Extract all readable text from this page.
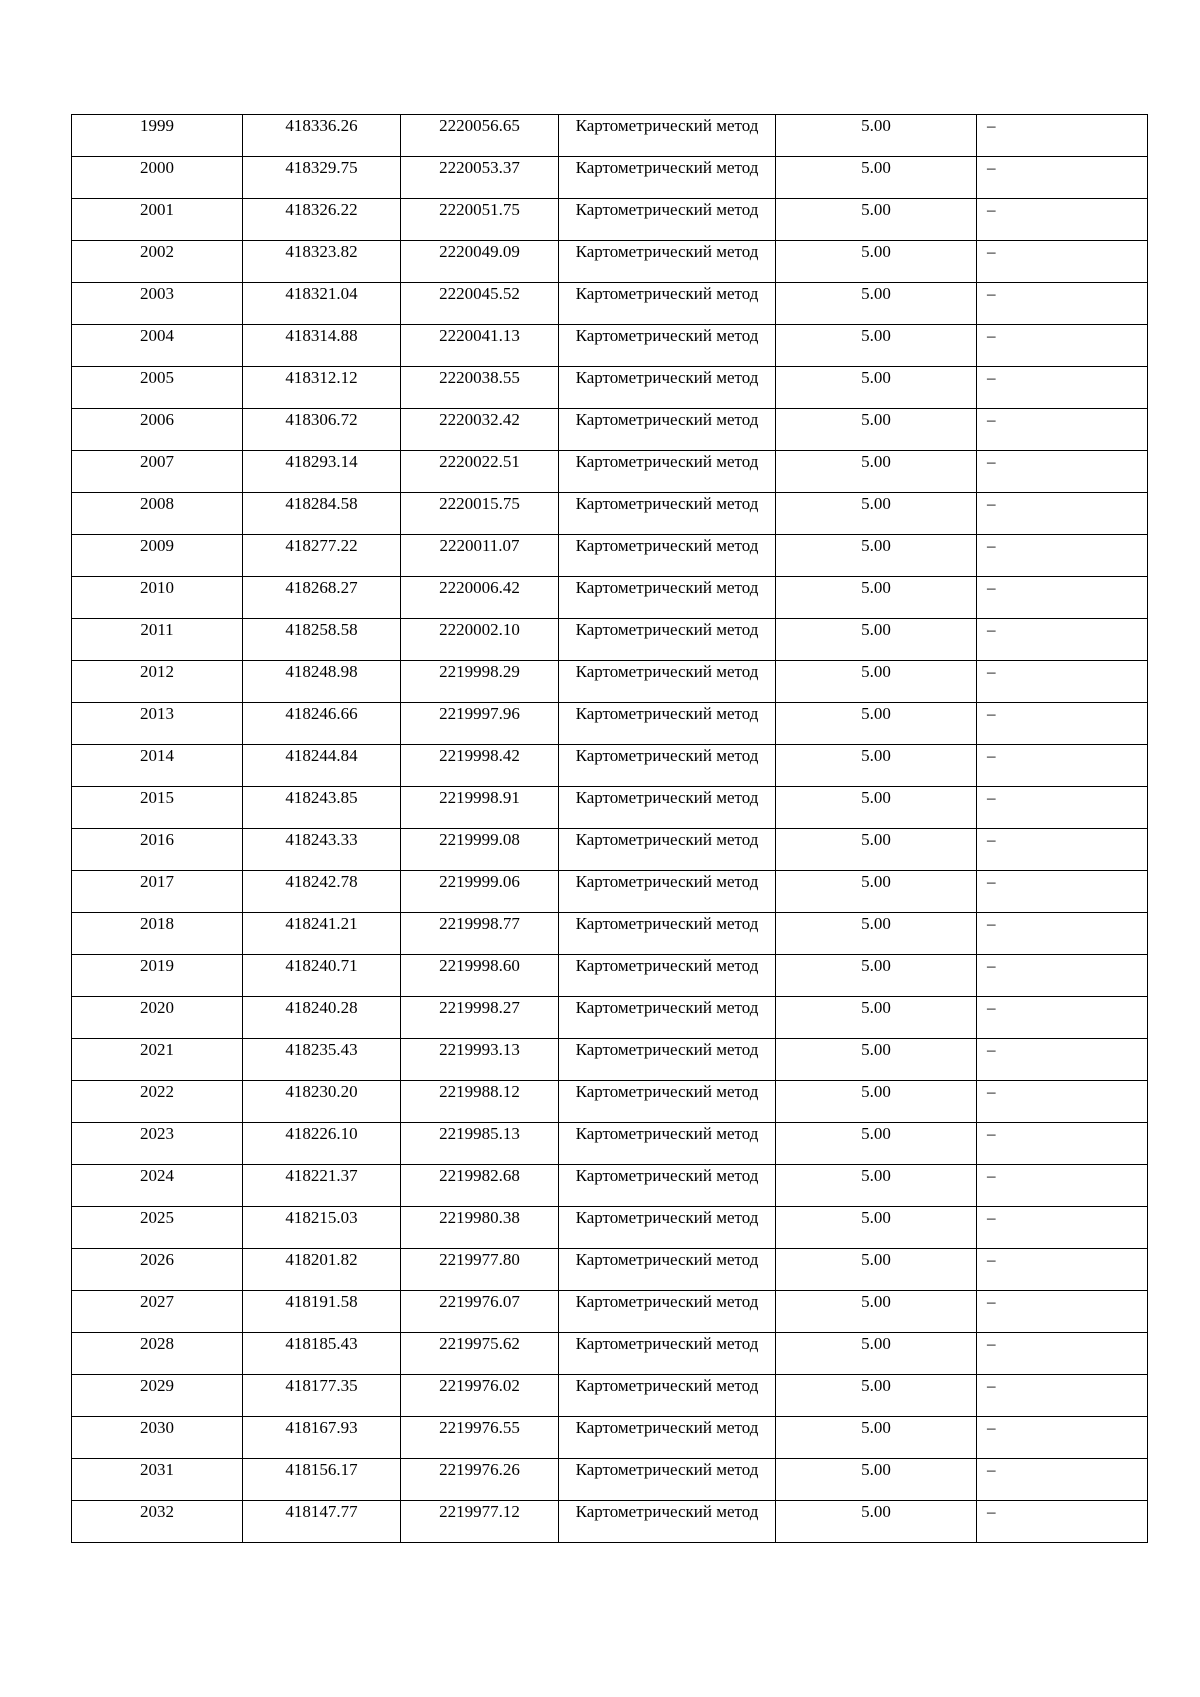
1999	418336.26	2220056.65	Картометрический метод	5.00	–
2000	418329.75	2220053.37	Картометрический метод	5.00	–
2001	418326.22	2220051.75	Картометрический метод	5.00	–
2002	418323.82	2220049.09	Картометрический метод	5.00	–
2003	418321.04	2220045.52	Картометрический метод	5.00	–
2004	418314.88	2220041.13	Картометрический метод	5.00	–
2005	418312.12	2220038.55	Картометрический метод	5.00	–
2006	418306.72	2220032.42	Картометрический метод	5.00	–
2007	418293.14	2220022.51	Картометрический метод	5.00	–
2008	418284.58	2220015.75	Картометрический метод	5.00	–
2009	418277.22	2220011.07	Картометрический метод	5.00	–
2010	418268.27	2220006.42	Картометрический метод	5.00	–
2011	418258.58	2220002.10	Картометрический метод	5.00	–
2012	418248.98	2219998.29	Картометрический метод	5.00	–
2013	418246.66	2219997.96	Картометрический метод	5.00	–
2014	418244.84	2219998.42	Картометрический метод	5.00	–
2015	418243.85	2219998.91	Картометрический метод	5.00	–
2016	418243.33	2219999.08	Картометрический метод	5.00	–
2017	418242.78	2219999.06	Картометрический метод	5.00	–
2018	418241.21	2219998.77	Картометрический метод	5.00	–
2019	418240.71	2219998.60	Картометрический метод	5.00	–
2020	418240.28	2219998.27	Картометрический метод	5.00	–
2021	418235.43	2219993.13	Картометрический метод	5.00	–
2022	418230.20	2219988.12	Картометрический метод	5.00	–
2023	418226.10	2219985.13	Картометрический метод	5.00	–
2024	418221.37	2219982.68	Картометрический метод	5.00	–
2025	418215.03	2219980.38	Картометрический метод	5.00	–
2026	418201.82	2219977.80	Картометрический метод	5.00	–
2027	418191.58	2219976.07	Картометрический метод	5.00	–
2028	418185.43	2219975.62	Картометрический метод	5.00	–
2029	418177.35	2219976.02	Картометрический метод	5.00	–
2030	418167.93	2219976.55	Картометрический метод	5.00	–
2031	418156.17	2219976.26	Картометрический метод	5.00	–
2032	418147.77	2219977.12	Картометрический метод	5.00	–
